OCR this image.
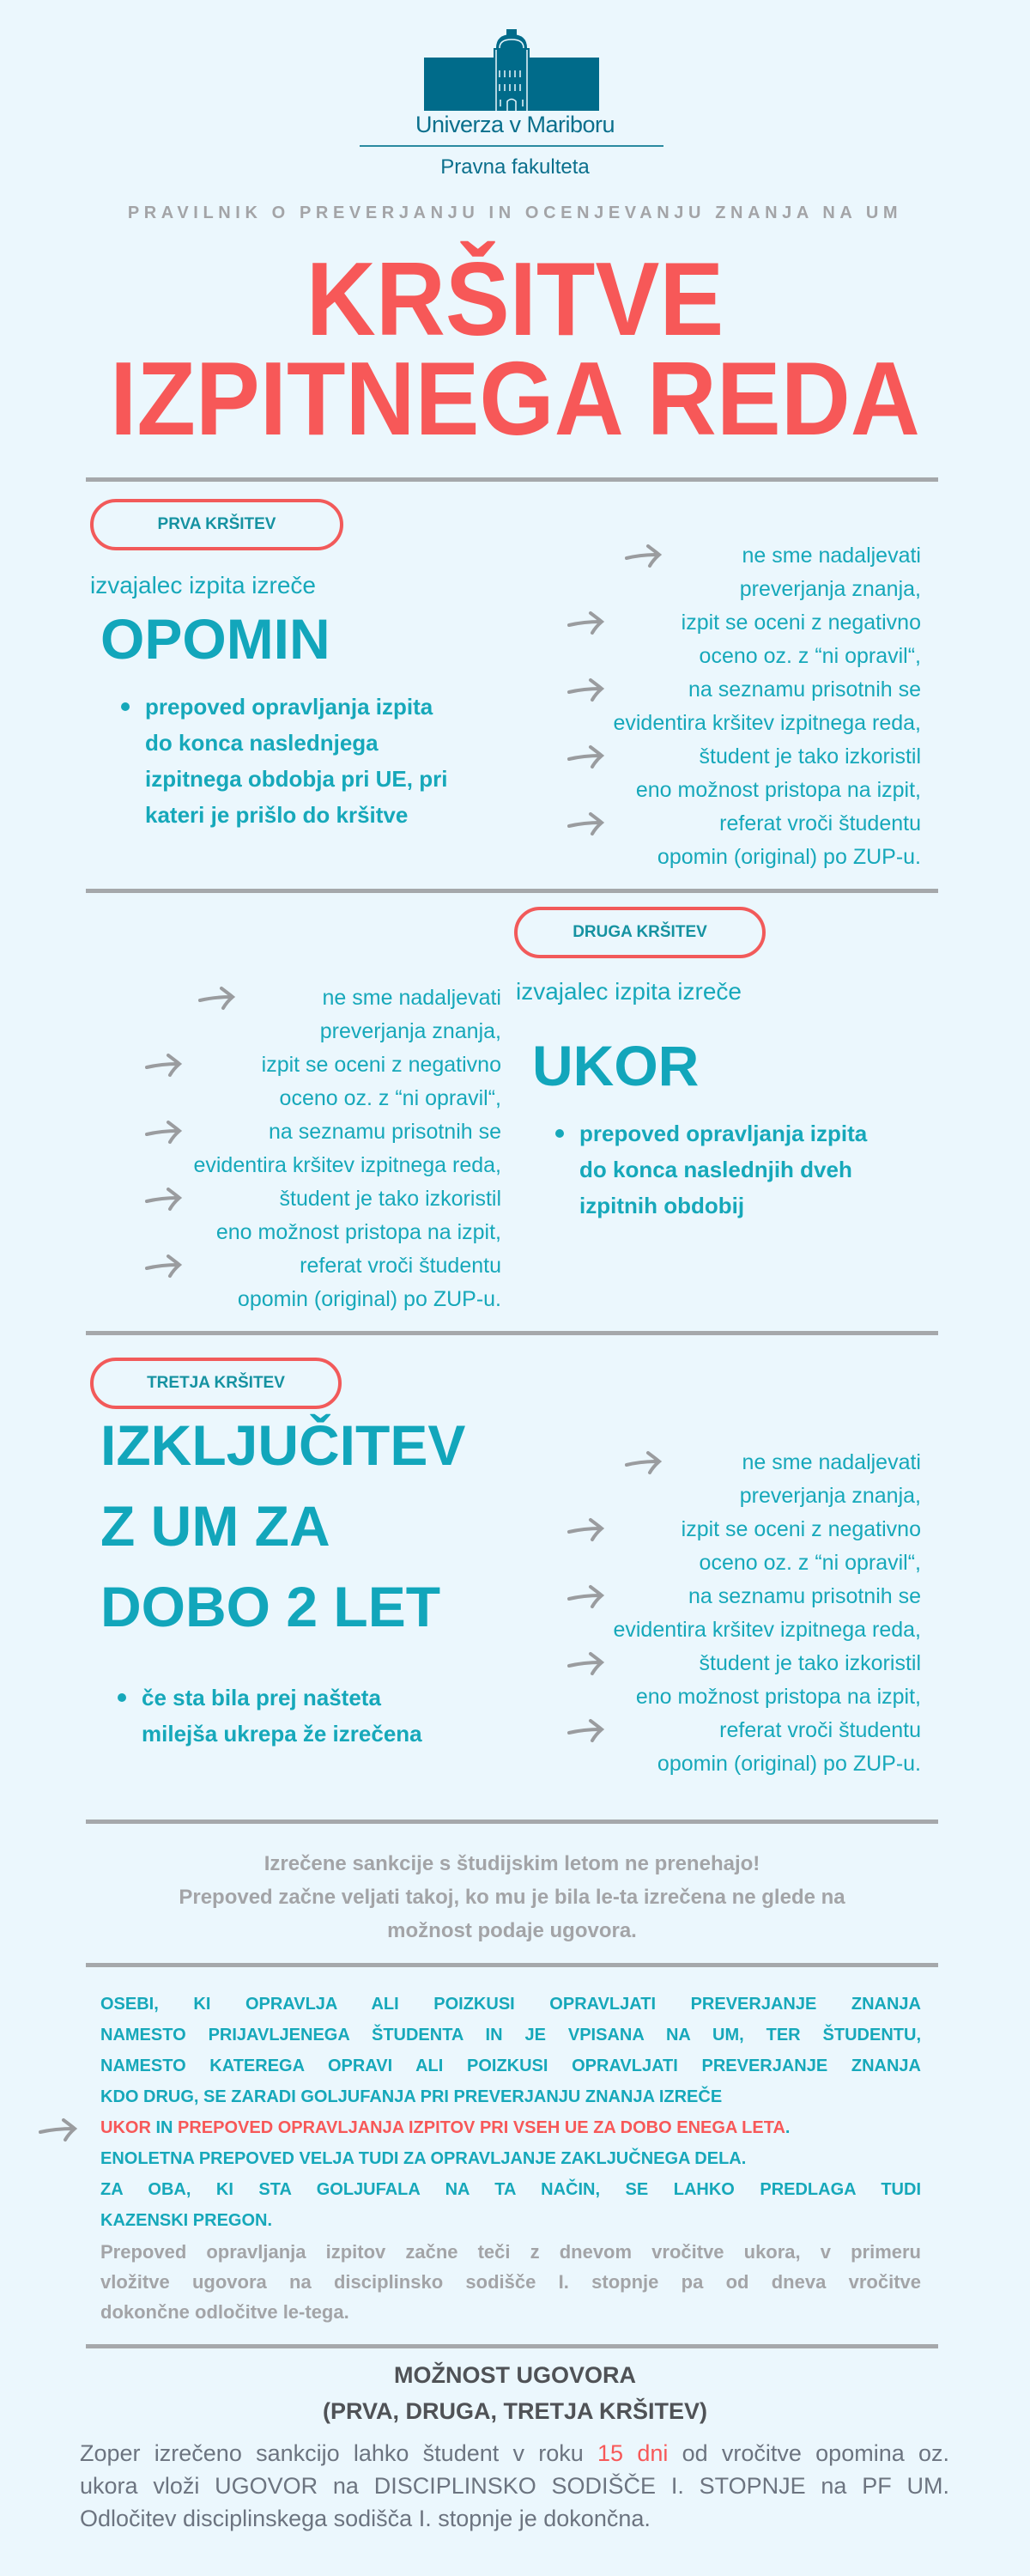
Univerza v Mariboru
Pravna fakulteta
PRAVILNIK O PREVERJANJU IN OCENJEVANJU ZNANJA NA UM
KRŠITVE
IZPITNEGA REDA
PRVA KRŠITEV
izvajalec izpita izreče
OPOMIN
prepoved opravljanja izpita
do konca naslednjega
izpitnega obdobja pri UE, pri
kateri je prišlo do kršitve
ne sme nadaljevati
preverjanja znanja,
izpit se oceni z negativno
oceno oz. z “ni opravil“,
na seznamu prisotnih se
evidentira kršitev izpitnega reda,
študent je tako izkoristil
eno možnost pristopa na izpit,
referat vroči študentu
opomin (original) po ZUP-u.
DRUGA KRŠITEV
ne sme nadaljevati
preverjanja znanja,
izpit se oceni z negativno
oceno oz. z “ni opravil“,
na seznamu prisotnih se
evidentira kršitev izpitnega reda,
študent je tako izkoristil
eno možnost pristopa na izpit,
referat vroči študentu
opomin (original) po ZUP-u.
izvajalec izpita izreče
UKOR
prepoved opravljanja izpita
do konca naslednjih dveh
izpitnih obdobij
TRETJA KRŠITEV
IZKLJUČITEV
Z UM ZA
DOBO 2 LET
če sta bila prej našteta
milejša ukrepa že izrečena
ne sme nadaljevati
preverjanja znanja,
izpit se oceni z negativno
oceno oz. z “ni opravil“,
na seznamu prisotnih se
evidentira kršitev izpitnega reda,
študent je tako izkoristil
eno možnost pristopa na izpit,
referat vroči študentu
opomin (original) po ZUP-u.
Izrečene sankcije s študijskim letom ne prenehajo!
Prepoved začne veljati takoj, ko mu je bila le-ta izrečena ne glede na
možnost podaje ugovora.
OSEBI, KI OPRAVLJA ALI POIZKUSI OPRAVLJATI PREVERJANJE ZNANJA
NAMESTO PRIJAVLJENEGA ŠTUDENTA IN JE VPISANA NA UM, TER ŠTUDENTU,
NAMESTO KATEREGA OPRAVI ALI POIZKUSI OPRAVLJATI PREVERJANJE ZNANJA
KDO DRUG, SE ZARADI GOLJUFANJA PRI PREVERJANJU ZNANJA IZREČE
UKOR IN PREPOVED OPRAVLJANJA IZPITOV PRI VSEH UE ZA DOBO ENEGA LETA.
ENOLETNA PREPOVED VELJA TUDI ZA OPRAVLJANJE ZAKLJUČNEGA DELA.
ZA OBA, KI STA GOLJUFALA NA TA NAČIN, SE LAHKO PREDLAGA TUDI
KAZENSKI PREGON.
Prepoved opravljanja izpitov začne teči z dnevom vročitve ukora, v primeru
vložitve ugovora na disciplinsko sodišče I. stopnje pa od dneva vročitve
dokončne odločitve le-tega.
MOŽNOST UGOVORA
(PRVA, DRUGA, TRETJA KRŠITEV)
Zoper izrečeno sankcijo lahko študent v roku 15 dni od vročitve opomina oz.
ukora vloži UGOVOR na DISCIPLINSKO SODIŠČE I. STOPNJE na PF UM.
Odločitev disciplinskega sodišča I. stopnje je dokončna.
